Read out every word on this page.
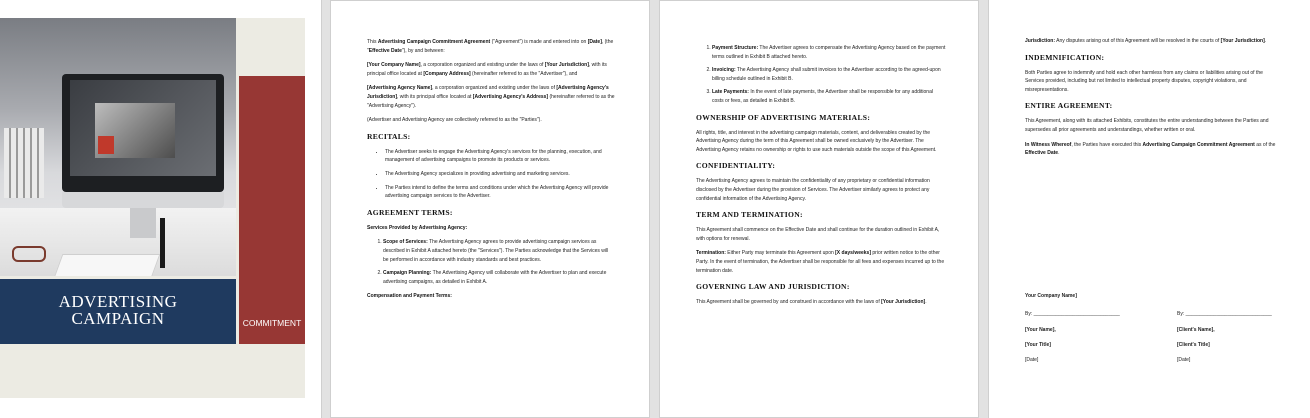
ADVERTISING
CAMPAIGN	COMMITMENT

This Advertising Campaign Commitment Agreement ("Agreement") is made and entered into on [Date], (the "Effective Date"), by and between:

[Your Company Name], a corporation organized and existing under the laws of [Your Jurisdiction], with its principal office located at [Company Address] (hereinafter referred to as the "Advertiser"), and

[Advertising Agency Name], a corporation organized and existing under the laws of [Advertising Agency's Jurisdiction], with its principal office located at [Advertising Agency's Address] (hereinafter referred to as the "Advertising Agency").

(Advertiser and Advertising Agency are collectively referred to as the "Parties").

RECITALS:
• The Advertiser seeks to engage the Advertising Agency's services for the planning, execution, and management of advertising campaigns to promote its products or services.
• The Advertising Agency specializes in providing advertising and marketing services.
• The Parties intend to define the terms and conditions under which the Advertising Agency will provide advertising campaign services to the Advertiser.
AGREEMENT TERMS:

Services Provided by Advertising Agency:

1. Scope of Services: The Advertising Agency agrees to provide advertising campaign services as described in Exhibit A attached hereto (the "Services"). The Parties acknowledge that the Services will be performed in accordance with industry standards and best practices.
2. Campaign Planning: The Advertising Agency will collaborate with the Advertiser to plan and execute advertising campaigns, as detailed in Exhibit A.

Compensation and Payment Terms:

1. Payment Structure: The Advertiser agrees to compensate the Advertising Agency based on the payment terms outlined in Exhibit B attached hereto.
2. Invoicing: The Advertising Agency shall submit invoices to the Advertiser according to the agreed-upon billing schedule outlined in Exhibit B.
3. Late Payments: In the event of late payments, the Advertiser shall be responsible for any additional costs or fees, as detailed in Exhibit B.
OWNERSHIP OF ADVERTISING MATERIALS:

All rights, title, and interest in the advertising campaign materials, content, and deliverables created by the Advertising Agency during the term of this Agreement shall be owned exclusively by the Advertiser. The Advertising Agency retains no ownership or rights to use such materials outside the scope of this Agreement.

CONFIDENTIALITY:

The Advertising Agency agrees to maintain the confidentiality of any proprietary or confidential information disclosed by the Advertiser during the provision of Services. The Advertiser similarly agrees to protect any confidential information of the Advertising Agency.

TERM AND TERMINATION:

This Agreement shall commence on the Effective Date and shall continue for the duration outlined in Exhibit A, with options for renewal.

Termination: Either Party may terminate this Agreement upon [X days/weeks] prior written notice to the other Party. In the event of termination, the Advertiser shall be responsible for all fees and expenses incurred up to the termination date.

GOVERNING LAW AND JURISDICTION:

This Agreement shall be governed by and construed in accordance with the laws of [Your Jurisdiction].

Jurisdiction: Any disputes arising out of this Agreement will be resolved in the courts of [Your Jurisdiction].

INDEMNIFICATION:

Both Parties agree to indemnify and hold each other harmless from any claims or liabilities arising out of the Services provided, including but not limited to intellectual property disputes, copyright violations, and misrepresentations.

ENTIRE AGREEMENT:

This Agreement, along with its attached Exhibits, constitutes the entire understanding between the Parties and supersedes all prior agreements and understandings, whether written or oral.

In Witness Whereof, the Parties have executed this Advertising Campaign Commitment Agreement as of the Effective Date.

Your Company Name]
By: _______________________________	By: _______________________________
[Your Name],	[Client's Name],
[Your Title]	[Client's Title]
[Date]	[Date]
